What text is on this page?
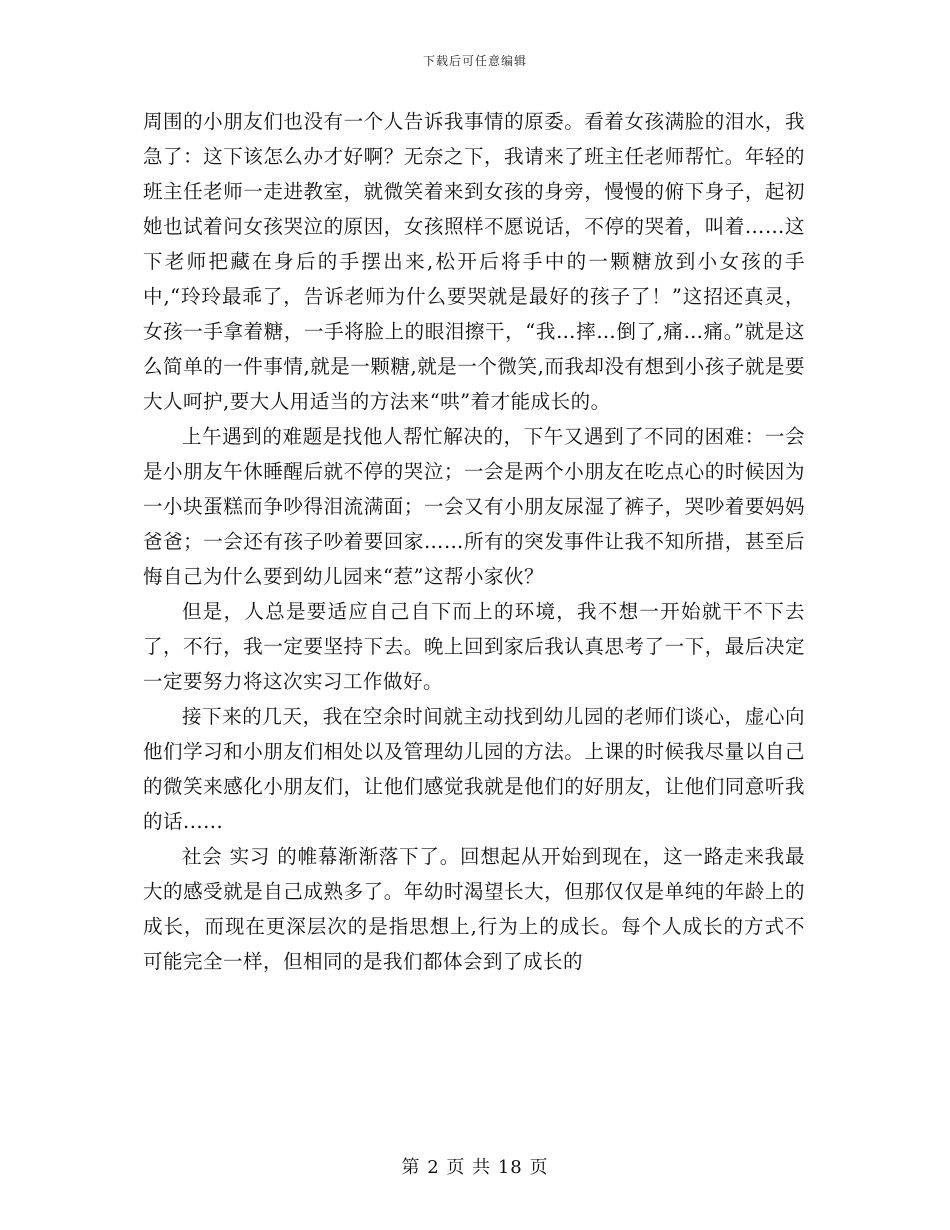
下载后可任意编辑

周围的小朋友们也没有一个人告诉我事情的原委。看着女孩满脸的泪水，我急了：这下该怎么办才好啊？无奈之下，我请来了班主任老师帮忙。年轻的班主任老师一走进教室，就微笑着来到女孩的身旁，慢慢的俯下身子，起初她也试着问女孩哭泣的原因，女孩照样不愿说话，不停的哭着，叫着……这下老师把藏在身后的手摆出来,松开后将手中的一颗糖放到小女孩的手中,“玲玲最乖了，告诉老师为什么要哭就是最好的孩子了！”这招还真灵，女孩一手拿着糖，一手将脸上的眼泪擦干，“我…摔…倒了,痛…痛。”就是这么简单的一件事情,就是一颗糖,就是一个微笑,而我却没有想到小孩子就是要大人呵护,要大人用适当的方法来“哄”着才能成长的。

上午遇到的难题是找他人帮忙解决的，下午又遇到了不同的困难：一会是小朋友午休睡醒后就不停的哭泣；一会是两个小朋友在吃点心的时候因为一小块蛋糕而争吵得泪流满面；一会又有小朋友尿湿了裤子，哭吵着要妈妈爸爸；一会还有孩子吵着要回家……所有的突发事件让我不知所措，甚至后悔自己为什么要到幼儿园来“惹”这帮小家伙？

但是，人总是要适应自己自下而上的环境，我不想一开始就干不下去了，不行，我一定要坚持下去。晚上回到家后我认真思考了一下，最后决定一定要努力将这次实习工作做好。

接下来的几天，我在空余时间就主动找到幼儿园的老师们谈心，虚心向他们学习和小朋友们相处以及管理幼儿园的方法。上课的时候我尽量以自己的微笑来感化小朋友们，让他们感觉我就是他们的好朋友，让他们同意听我的话......

社会 实习 的帷幕渐渐落下了。回想起从开始到现在，这一路走来我最大的感受就是自己成熟多了。年幼时渴望长大，但那仅仅是单纯的年龄上的成长，而现在更深层次的是指思想上,行为上的成长。每个人成长的方式不可能完全一样，但相同的是我们都体会到了成长的

第 2 页 共 18 页
